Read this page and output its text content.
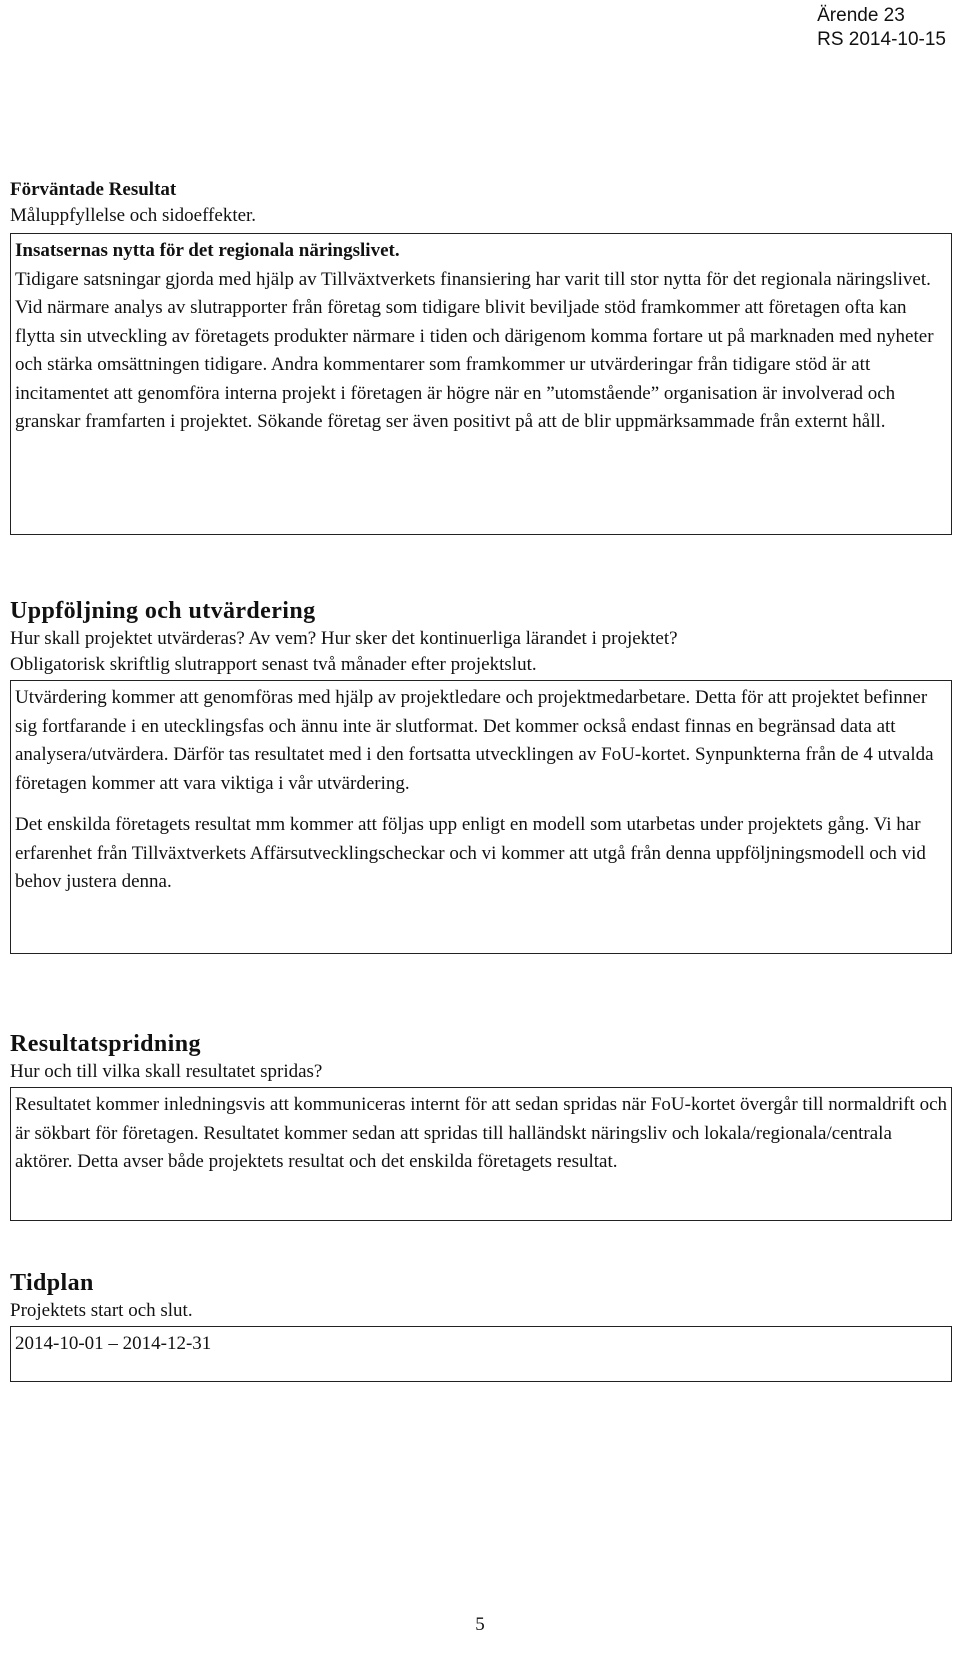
Ärende 23
RS 2014-10-15
Förväntade Resultat
Måluppfyllelse och sidoeffekter.

Insatsernas nytta för det regionala näringslivet.

Tidigare satsningar gjorda med hjälp av Tillväxtverkets finansiering har varit till stor nytta för det regionala näringslivet. Vid närmare analys av slutrapporter från företag som tidigare blivit beviljade stöd framkommer att företagen ofta kan flytta sin utveckling av företagets produkter närmare i tiden och därigenom komma fortare ut på marknaden med nyheter och stärka omsättningen tidigare. Andra kommentarer som framkommer ur utvärderingar från tidigare stöd är att incitamentet att genomföra interna projekt i företagen är högre när en ”utomstående” organisation är involverad och granskar framfarten i projektet. Sökande företag ser även positivt på att de blir uppmärksammade från externt håll.

Uppföljning och utvärdering
Hur skall projektet utvärderas? Av vem? Hur sker det kontinuerliga lärandet i projektet?
Obligatorisk skriftlig slutrapport senast två månader efter projektslut.

Utvärdering kommer att genomföras med hjälp av projektledare och projektmedarbetare. Detta för att projektet befinner sig fortfarande i en utecklingsfas och ännu inte är slutformat. Det kommer också endast finnas en begränsad data att analysera/utvärdera. Därför tas resultatet med i den fortsatta utvecklingen av FoU-kortet. Synpunkterna från de 4 utvalda företagen kommer att vara viktiga i vår utvärdering.

Det enskilda företagets resultat mm kommer att följas upp enligt en modell som utarbetas under projektets gång. Vi har erfarenhet från Tillväxtverkets Affärsutvecklingscheckar och vi kommer att utgå från denna uppföljningsmodell och vid behov justera denna.

Resultatspridning
Hur och till vilka skall resultatet spridas?

Resultatet kommer inledningsvis att kommuniceras internt för att sedan spridas när FoU-kortet övergår till normaldrift och är sökbart för företagen. Resultatet kommer sedan att spridas till halländskt näringsliv och lokala/regionala/centrala aktörer. Detta avser både projektets resultat och det enskilda företagets resultat.

Tidplan
Projektets start och slut.

2014-10-01 – 2014-12-31

5
